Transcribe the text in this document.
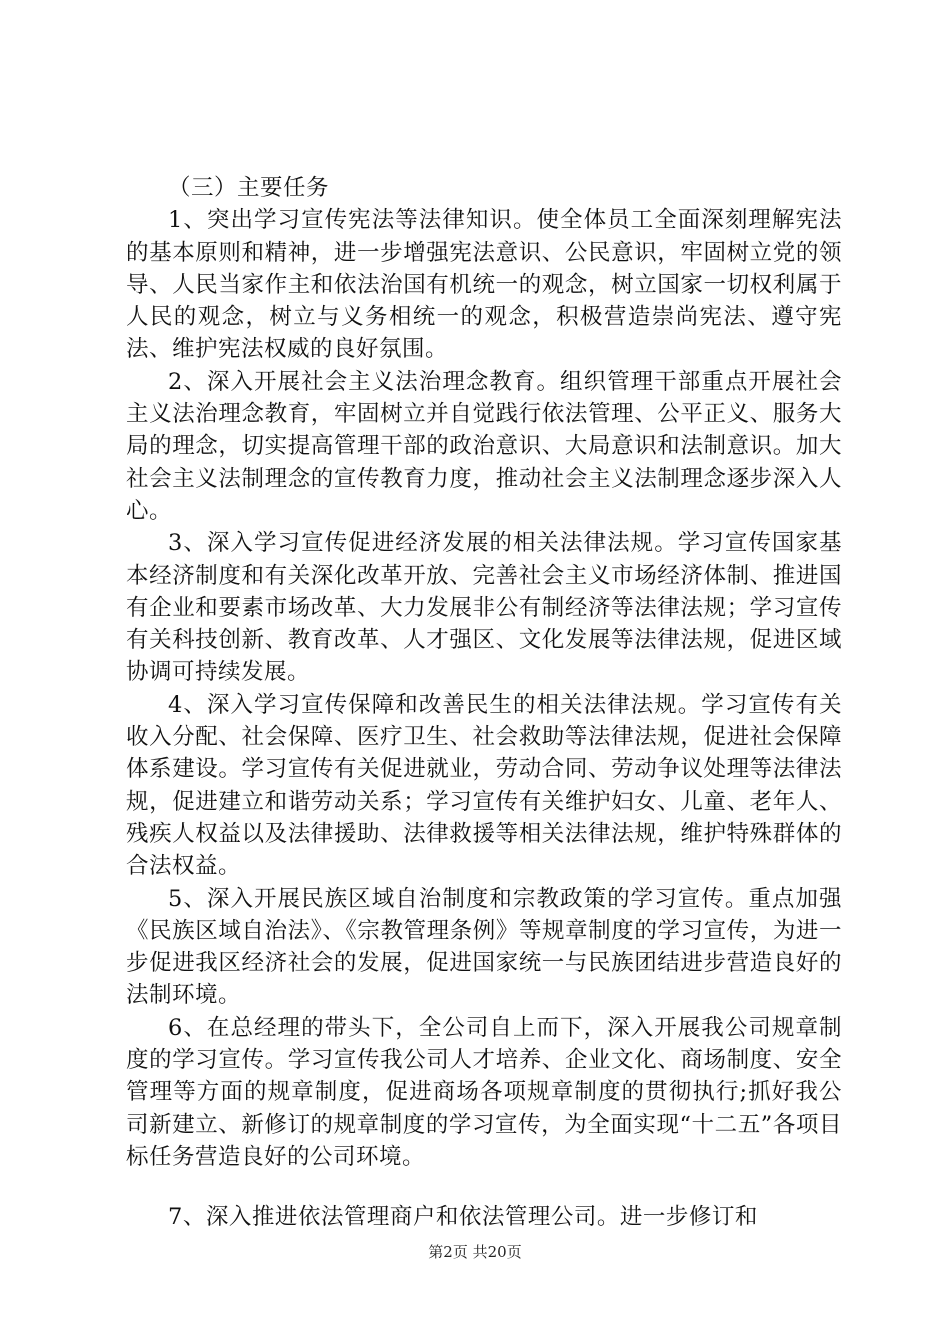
（三）主要任务

1、突出学习宣传宪法等法律知识。使全体员工全面深刻理解宪法的基本原则和精神，进一步增强宪法意识、公民意识，牢固树立党的领导、人民当家作主和依法治国有机统一的观念，树立国家一切权利属于人民的观念，树立与义务相统一的观念，积极营造崇尚宪法、遵守宪法、维护宪法权威的良好氛围。

2、深入开展社会主义法治理念教育。组织管理干部重点开展社会主义法治理念教育，牢固树立并自觉践行依法管理、公平正义、服务大局的理念，切实提高管理干部的政治意识、大局意识和法制意识。加大社会主义法制理念的宣传教育力度，推动社会主义法制理念逐步深入人心。

3、深入学习宣传促进经济发展的相关法律法规。学习宣传国家基本经济制度和有关深化改革开放、完善社会主义市场经济体制、推进国有企业和要素市场改革、大力发展非公有制经济等法律法规；学习宣传有关科技创新、教育改革、人才强区、文化发展等法律法规，促进区域协调可持续发展。

4、深入学习宣传保障和改善民生的相关法律法规。学习宣传有关收入分配、社会保障、医疗卫生、社会救助等法律法规，促进社会保障体系建设。学习宣传有关促进就业，劳动合同、劳动争议处理等法律法规，促进建立和谐劳动关系；学习宣传有关维护妇女、儿童、老年人、残疾人权益以及法律援助、法律救援等相关法律法规，维护特殊群体的合法权益。

5、深入开展民族区域自治制度和宗教政策的学习宣传。重点加强《民族区域自治法》、《宗教管理条例》等规章制度的学习宣传，为进一步促进我区经济社会的发展，促进国家统一与民族团结进步营造良好的法制环境。

6、在总经理的带头下，全公司自上而下，深入开展我公司规章制度的学习宣传。学习宣传我公司人才培养、企业文化、商场制度、安全管理等方面的规章制度，促进商场各项规章制度的贯彻执行;抓好我公司新建立、新修订的规章制度的学习宣传，为全面实现“十二五”各项目标任务营造良好的公司环境。

7、深入推进依法管理商户和依法管理公司。进一步修订和

第2页 共20页
